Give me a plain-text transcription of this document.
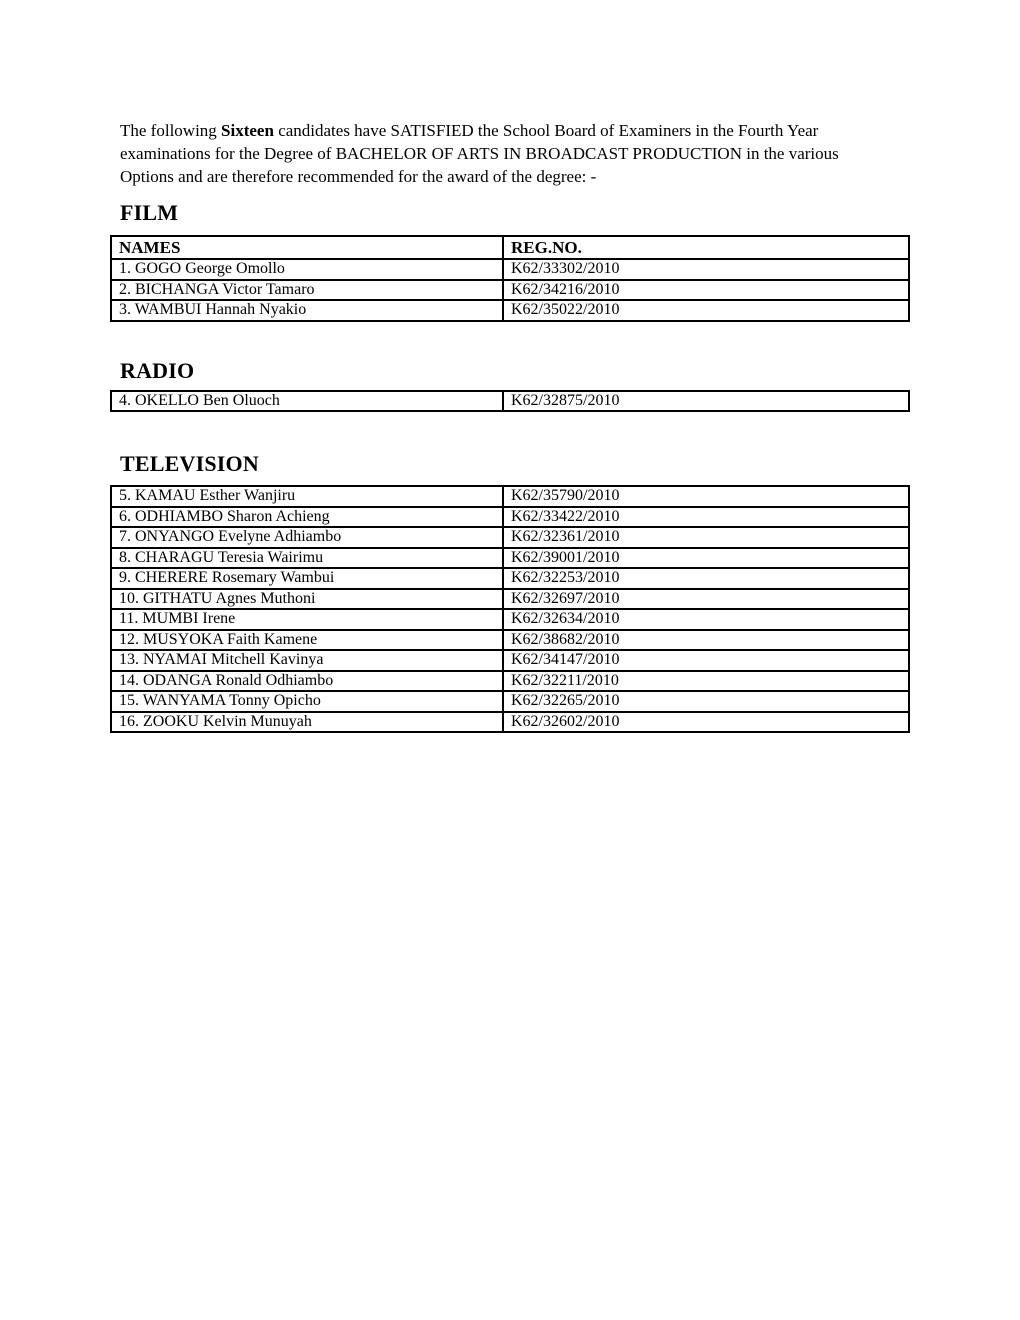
The following Sixteen candidates have SATISFIED the School Board of Examiners in the Fourth Year examinations for the Degree of BACHELOR OF ARTS IN BROADCAST PRODUCTION in the various Options and are therefore recommended for the award of the degree: -

FILM
NAMES	REG.NO.
1. GOGO George Omollo	K62/33302/2010
2. BICHANGA Victor Tamaro	K62/34216/2010
3. WAMBUI Hannah Nyakio	K62/35022/2010
RADIO
4. OKELLO Ben Oluoch	K62/32875/2010
TELEVISION
5. KAMAU Esther Wanjiru	K62/35790/2010
6. ODHIAMBO Sharon Achieng	K62/33422/2010
7. ONYANGO Evelyne Adhiambo	K62/32361/2010
8. CHARAGU Teresia Wairimu	K62/39001/2010
9. CHERERE Rosemary Wambui	K62/32253/2010
10. GITHATU Agnes Muthoni	K62/32697/2010
11. MUMBI Irene	K62/32634/2010
12. MUSYOKA Faith Kamene	K62/38682/2010
13. NYAMAI Mitchell Kavinya	K62/34147/2010
14. ODANGA Ronald Odhiambo	K62/32211/2010
15. WANYAMA Tonny Opicho	K62/32265/2010
16. ZOOKU Kelvin Munuyah	K62/32602/2010
